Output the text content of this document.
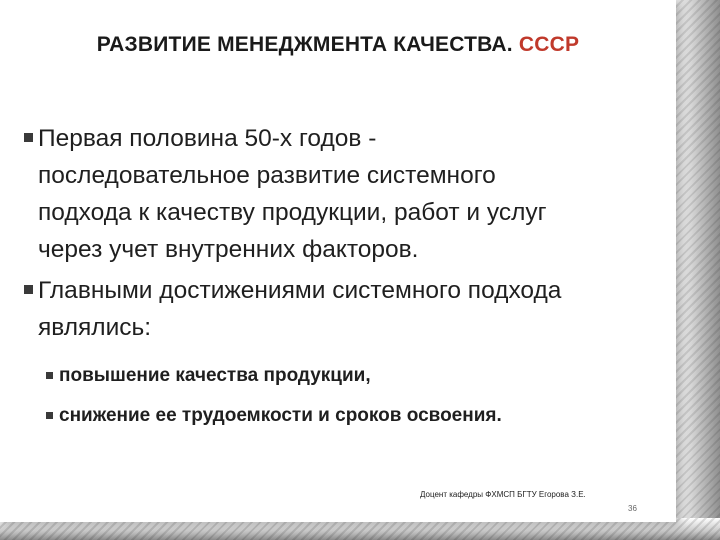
РАЗВИТИЕ МЕНЕДЖМЕНТА КАЧЕСТВА. СССР
Первая половина 50-х годов -
последовательное развитие системного
подхода к качеству продукции, работ и услуг
через учет внутренних факторов.
Главными достижениями системного подхода
являлись:
повышение качества продукции,
снижение ее трудоемкости и сроков освоения.
Доцент кафедры ФХМСП БГТУ Егорова З.Е.
36
